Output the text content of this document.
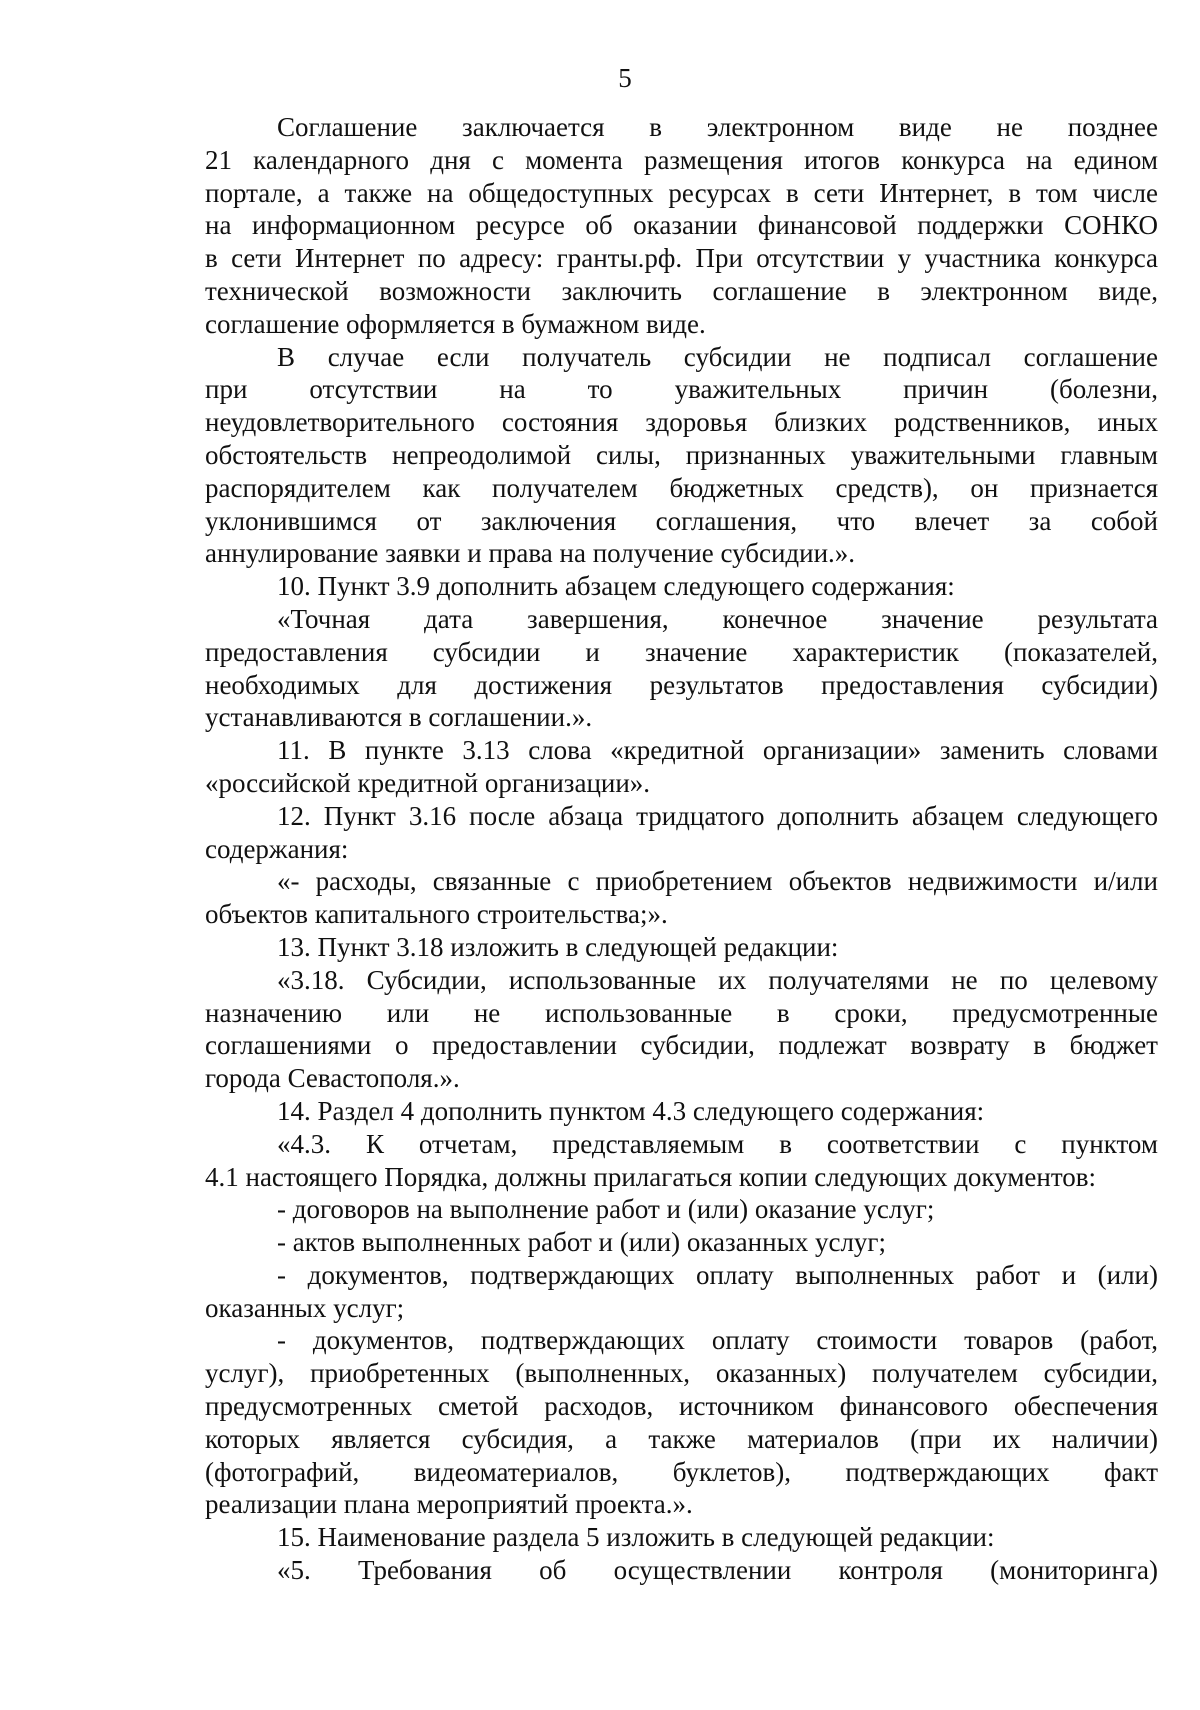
5
Соглашение заключается в электронном виде не позднее
21 календарного дня с момента размещения итогов конкурса на едином
портале, а также на общедоступных ресурсах в сети Интернет, в том числе
на информационном ресурсе об оказании финансовой поддержки СОНКО
в сети Интернет по адресу: гранты.рф. При отсутствии у участника конкурса
технической возможности заключить соглашение в электронном виде,
соглашение оформляется в бумажном виде.
В случае если получатель субсидии не подписал соглашение
при отсутствии на то уважительных причин (болезни,
неудовлетворительного состояния здоровья близких родственников, иных
обстоятельств непреодолимой силы, признанных уважительными главным
распорядителем как получателем бюджетных средств), он признается
уклонившимся от заключения соглашения, что влечет за собой
аннулирование заявки и права на получение субсидии.».
10. Пункт 3.9 дополнить абзацем следующего содержания:
«Точная дата завершения, конечное значение результата
предоставления субсидии и значение характеристик (показателей,
необходимых для достижения результатов предоставления субсидии)
устанавливаются в соглашении.».
11. В пункте 3.13 слова «кредитной организации» заменить словами
«российской кредитной организации».
12. Пункт 3.16 после абзаца тридцатого дополнить абзацем следующего
содержания:
«- расходы, связанные с приобретением объектов недвижимости и/или
объектов капитального строительства;».
13. Пункт 3.18 изложить в следующей редакции:
«3.18. Субсидии, использованные их получателями не по целевому
назначению или не использованные в сроки, предусмотренные
соглашениями о предоставлении субсидии, подлежат возврату в бюджет
города Севастополя.».
14. Раздел 4 дополнить пунктом 4.3 следующего содержания:
«4.3. К отчетам, представляемым в соответствии с пунктом
4.1 настоящего Порядка, должны прилагаться копии следующих документов:
- договоров на выполнение работ и (или) оказание услуг;
- актов выполненных работ и (или) оказанных услуг;
- документов, подтверждающих оплату выполненных работ и (или)
оказанных услуг;
- документов, подтверждающих оплату стоимости товаров (работ,
услуг), приобретенных (выполненных, оказанных) получателем субсидии,
предусмотренных сметой расходов, источником финансового обеспечения
которых является субсидия, а также материалов (при их наличии)
(фотографий, видеоматериалов, буклетов), подтверждающих факт
реализации плана мероприятий проекта.».
15. Наименование раздела 5 изложить в следующей редакции:
«5. Требования об осуществлении контроля (мониторинга)
